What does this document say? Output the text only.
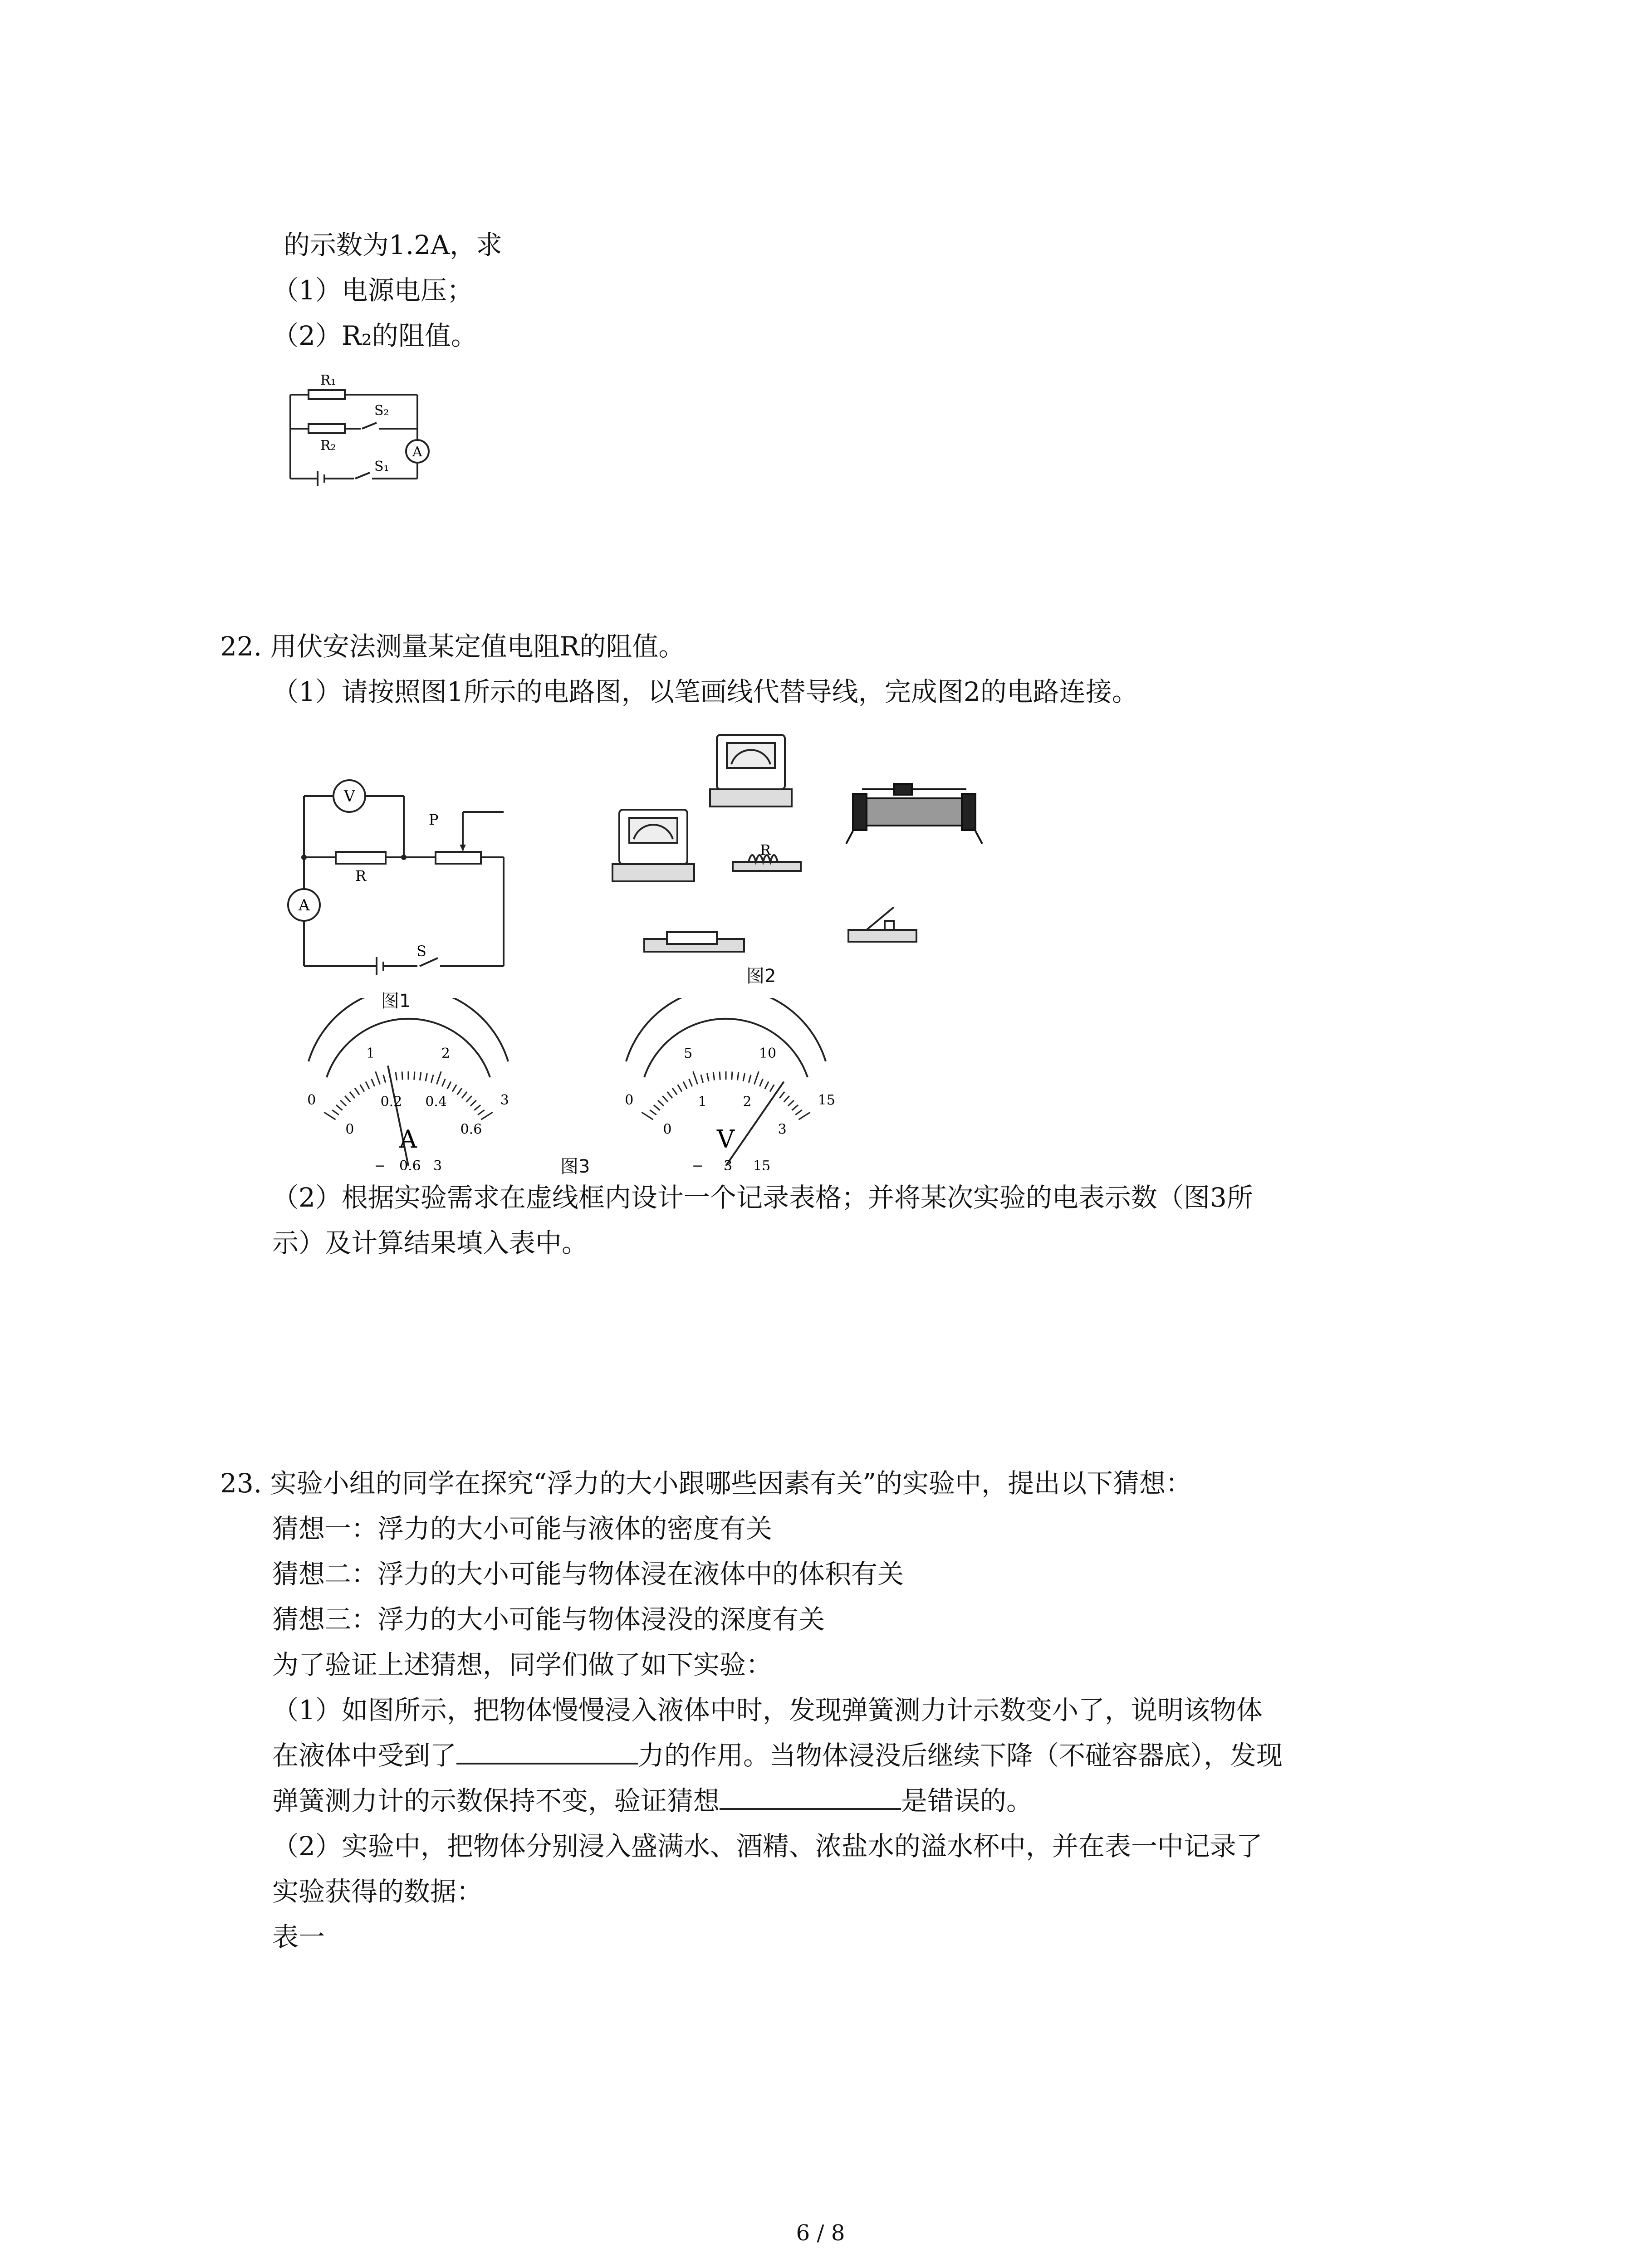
的示数为1.2A，求
（1）电源电压；
（2）R₂的阻值。
R₁
R₂
S₂
S₁
A
22. 用伏安法测量某定值电阻R的阻值。
（1）请按照图1所示的电路图，以笔画线代替导线，完成图2的电路连接。
V
A
R
P
S
图1
R
图2
A	V
− 0.6 3	− 3 15
0
1	2
3
0
0.2 0.4
0.6
0
5	10
15
0
1	2
3
图3
（2）根据实验需求在虚线框内设计一个记录表格；并将某次实验的电表示数（图3所
示）及计算结果填入表中。
23. 实验小组的同学在探究“浮力的大小跟哪些因素有关”的实验中，提出以下猜想：
猜想一：浮力的大小可能与液体的密度有关
猜想二：浮力的大小可能与物体浸在液体中的体积有关
猜想三：浮力的大小可能与物体浸没的深度有关
为了验证上述猜想，同学们做了如下实验：
（1）如图所示，把物体慢慢浸入液体中时，发现弹簧测力计示数变小了，说明该物体
在液体中受到了	力的作用。当物体浸没后继续下降（不碰容器底），发现
弹簧测力计的示数保持不变，验证猜想	是错误的。
（2）实验中，把物体分别浸入盛满水、酒精、浓盐水的溢水杯中，并在表一中记录了
实验获得的数据：
表一
6 / 8
